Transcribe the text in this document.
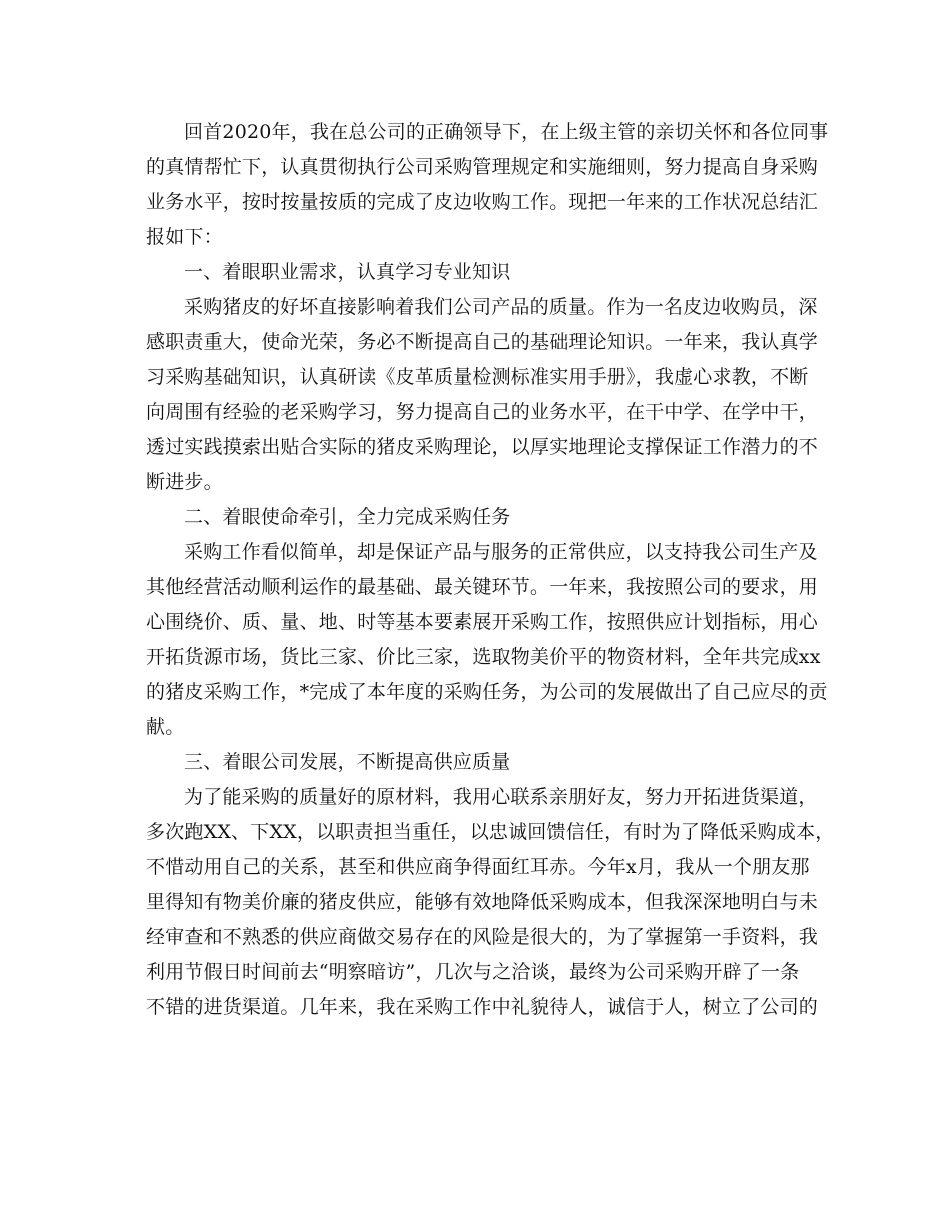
回首2020年，我在总公司的正确领导下，在上级主管的亲切关怀和各位同事
的真情帮忙下，认真贯彻执行公司采购管理规定和实施细则，努力提高自身采购
业务水平，按时按量按质的完成了皮边收购工作。现把一年来的工作状况总结汇
报如下：
一、着眼职业需求，认真学习专业知识
采购猪皮的好坏直接影响着我们公司产品的质量。作为一名皮边收购员，深
感职责重大，使命光荣，务必不断提高自己的基础理论知识。一年来，我认真学
习采购基础知识，认真研读《皮革质量检测标准实用手册》，我虚心求教，不断
向周围有经验的老采购学习，努力提高自己的业务水平，在干中学、在学中干，
透过实践摸索出贴合实际的猪皮采购理论，以厚实地理论支撑保证工作潜力的不
断进步。
二、着眼使命牵引，全力完成采购任务
采购工作看似简单，却是保证产品与服务的正常供应，以支持我公司生产及
其他经营活动顺利运作的最基础、最关键环节。一年来，我按照公司的要求，用
心围绕价、质、量、地、时等基本要素展开采购工作，按照供应计划指标，用心
开拓货源市场，货比三家、价比三家，选取物美价平的物资材料，全年共完成xx
的猪皮采购工作，*完成了本年度的采购任务，为公司的发展做出了自己应尽的贡
献。
三、着眼公司发展，不断提高供应质量
为了能采购的质量好的原材料，我用心联系亲朋好友，努力开拓进货渠道，
多次跑XX、下XX，以职责担当重任，以忠诚回馈信任，有时为了降低采购成本，
不惜动用自己的关系，甚至和供应商争得面红耳赤。今年x月，我从一个朋友那
里得知有物美价廉的猪皮供应，能够有效地降低采购成本，但我深深地明白与未
经审查和不熟悉的供应商做交易存在的风险是很大的，为了掌握第一手资料，我
利用节假日时间前去“明察暗访”，几次与之洽谈，最终为公司采购开辟了一条
不错的进货渠道。几年来，我在采购工作中礼貌待人，诚信于人，树立了公司的
